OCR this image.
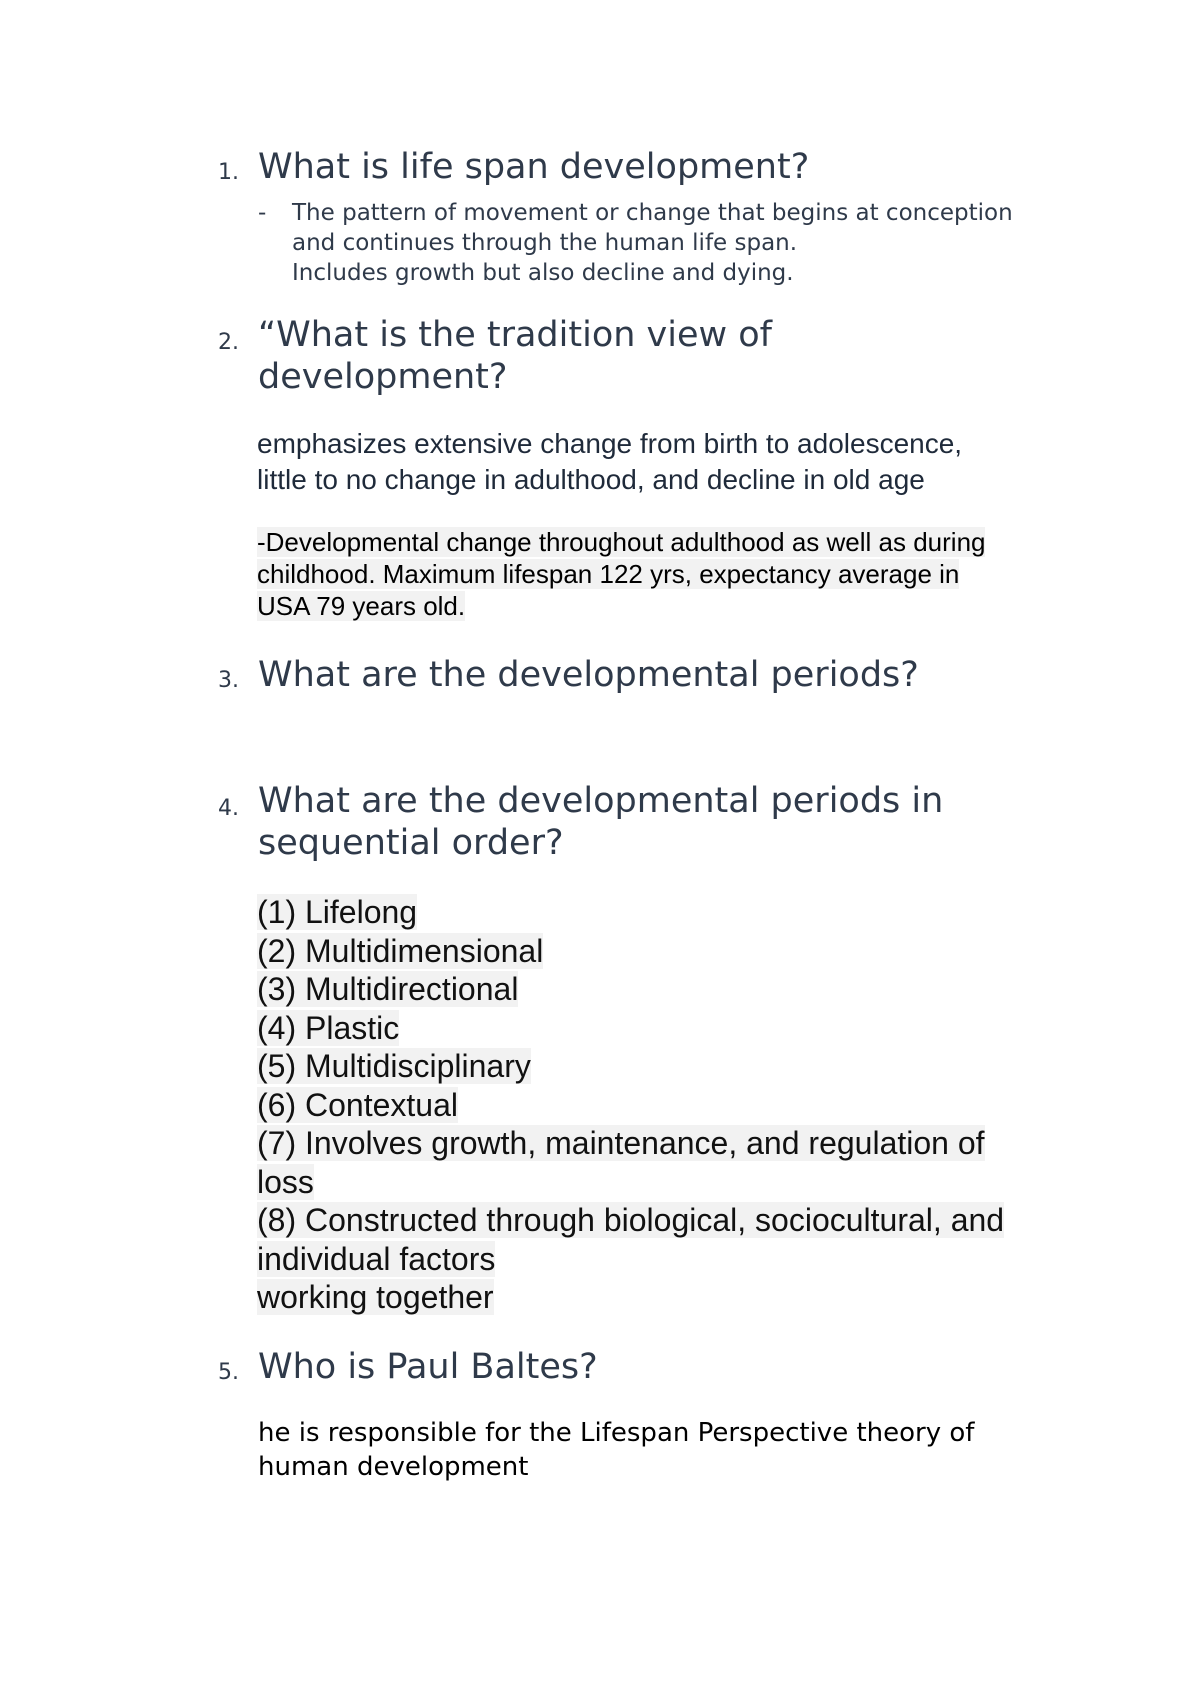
1. What is life span development?
- The pattern of movement or change that begins at conception
and continues through the human life span.
Includes growth but also decline and dying.
2. “What is the tradition view of
development?
emphasizes extensive change from birth to adolescence,
little to no change in adulthood, and decline in old age
-Developmental change throughout adulthood as well as during
childhood. Maximum lifespan 122 yrs, expectancy average in
USA 79 years old.
3. What are the developmental periods?
4. What are the developmental periods in
sequential order?
(1) Lifelong
(2) Multidimensional
(3) Multidirectional
(4) Plastic
(5) Multidisciplinary
(6) Contextual
(7) Involves growth, maintenance, and regulation of
loss
(8) Constructed through biological, sociocultural, and
individual factors
working together
5. Who is Paul Baltes?
he is responsible for the Lifespan Perspective theory of
human development
